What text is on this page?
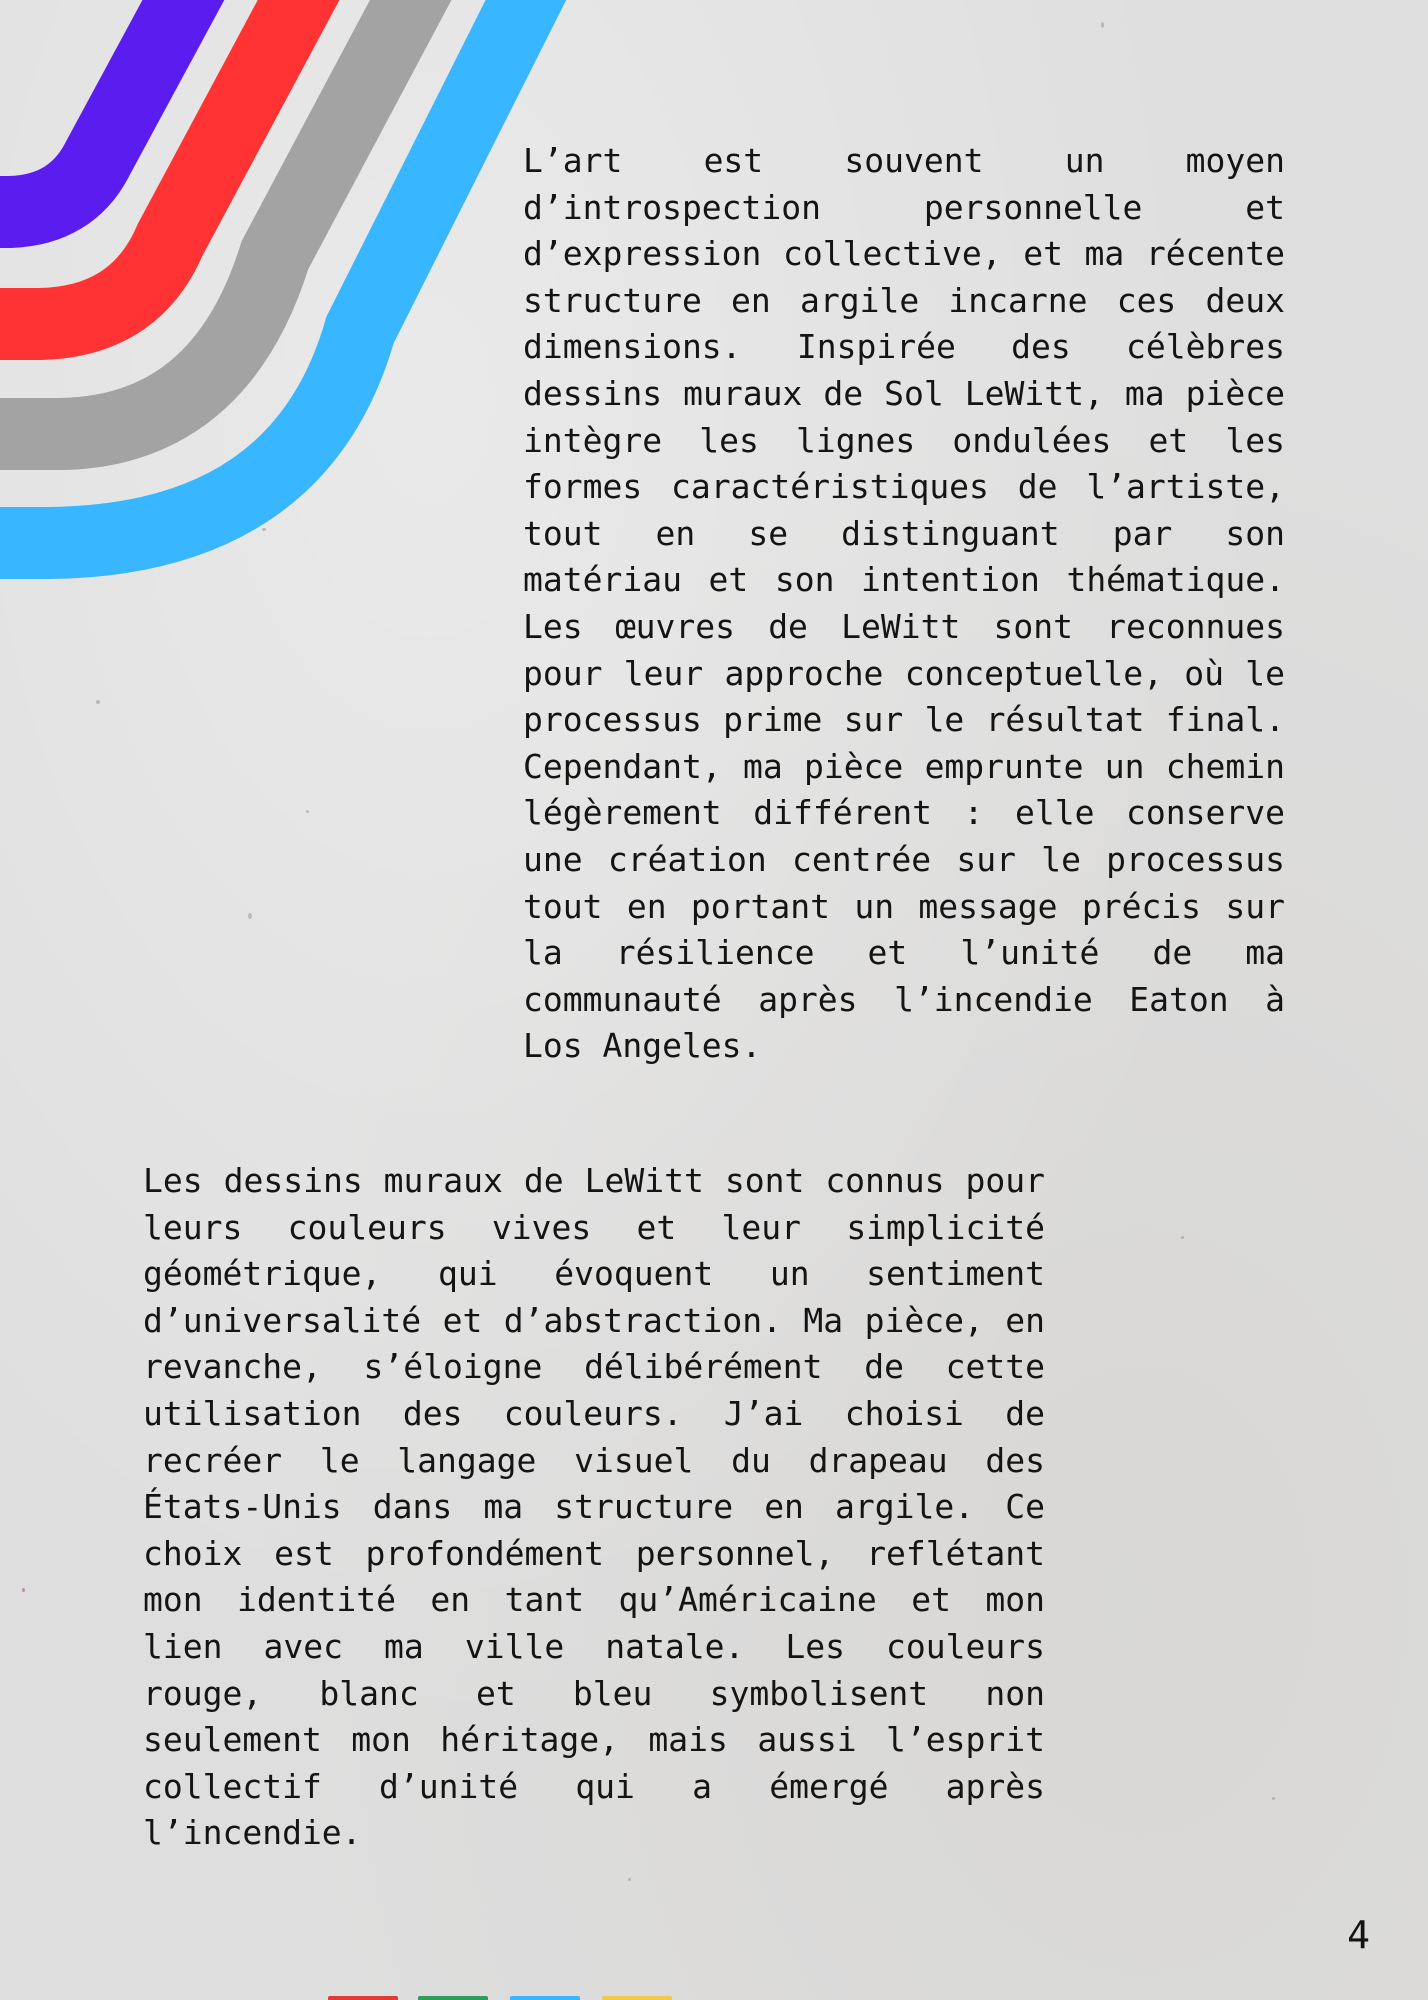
L’art est souvent un moyen d’introspection personnelle et d’expression collective, et ma récente structure en argile incarne ces deux dimensions. Inspirée des célèbres dessins muraux de Sol LeWitt, ma pièce intègre les lignes ondulées et les formes caractéristiques de l’artiste, tout en se distinguant par son matériau et son intention thématique. Les œuvres de LeWitt sont reconnues pour leur approche conceptuelle, où le processus prime sur le résultat final. Cependant, ma pièce emprunte un chemin légèrement différent : elle conserve une création centrée sur le processus tout en portant un message précis sur la résilience et l’unité de ma communauté après l’incendie Eaton à Los Angeles.

Les dessins muraux de LeWitt sont connus pour leurs couleurs vives et leur simplicité géométrique, qui évoquent un sentiment d’universalité et d’abstraction. Ma pièce, en revanche, s’éloigne délibérément de cette utilisation des couleurs. J’ai choisi de recréer le langage visuel du drapeau des États-Unis dans ma structure en argile. Ce choix est profondément personnel, reflétant mon identité en tant qu’Américaine et mon lien avec ma ville natale. Les couleurs rouge, blanc et bleu symbolisent non seulement mon héritage, mais aussi l’esprit collectif d’unité qui a émergé après l’incendie.

4
